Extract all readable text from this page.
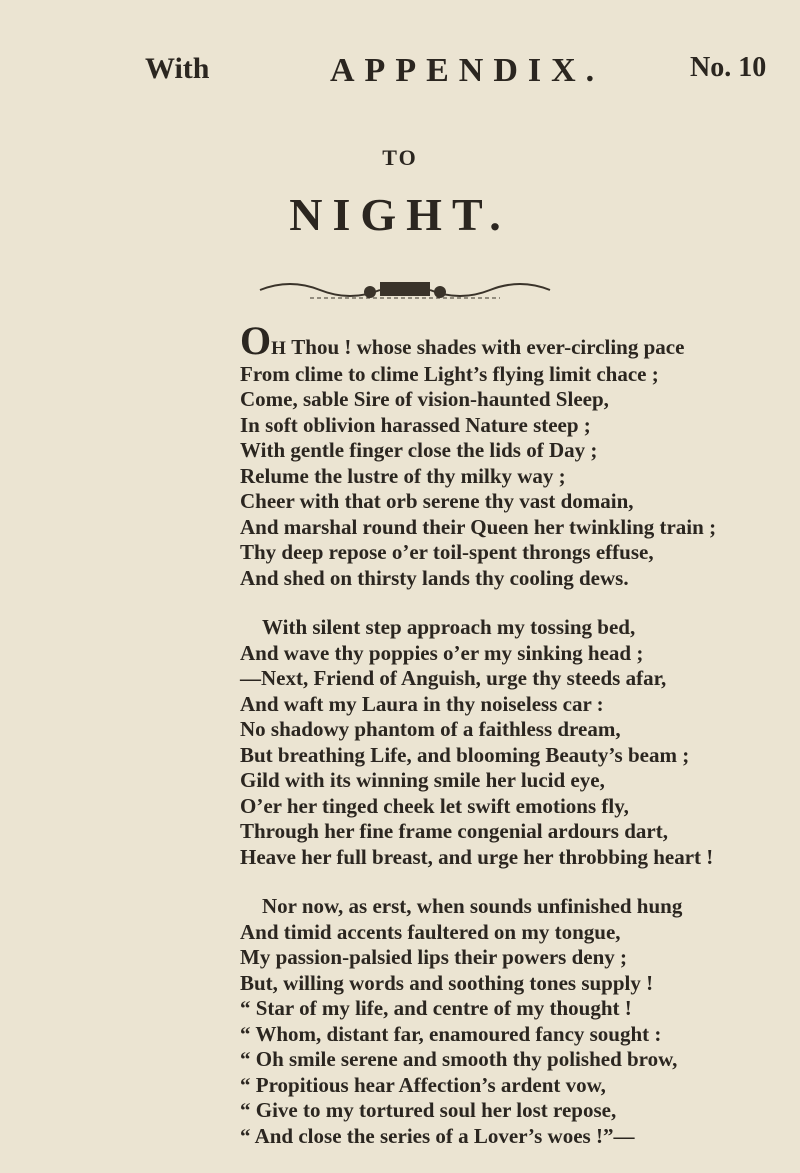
With	APPENDIX.	No. 10
TO
NIGHT.
OH Thou ! whose shades with ever-circling pace
From clime to clime Light’s flying limit chace ;
Come, sable Sire of vision-haunted Sleep,
In soft oblivion harassed Nature steep ;
With gentle finger close the lids of Day ;
Relume the lustre of thy milky way ;
Cheer with that orb serene thy vast domain,
And marshal round their Queen her twinkling train ;
Thy deep repose o’er toil-spent throngs effuse,
And shed on thirsty lands thy cooling dews.
With silent step approach my tossing bed,
And wave thy poppies o’er my sinking head ;
—Next, Friend of Anguish, urge thy steeds afar,
And waft my Laura in thy noiseless car :
No shadowy phantom of a faithless dream,
But breathing Life, and blooming Beauty’s beam ;
Gild with its winning smile her lucid eye,
O’er her tinged cheek let swift emotions fly,
Through her fine frame congenial ardours dart,
Heave her full breast, and urge her throbbing heart !
Nor now, as erst, when sounds unfinished hung
And timid accents faultered on my tongue,
My passion-palsied lips their powers deny ;
But, willing words and soothing tones supply !
“ Star of my life, and centre of my thought !
“ Whom, distant far, enamoured fancy sought :
“ Oh smile serene and smooth thy polished brow,
“ Propitious hear Affection’s ardent vow,
“ Give to my tortured soul her lost repose,
“ And close the series of a Lover’s woes !”—
